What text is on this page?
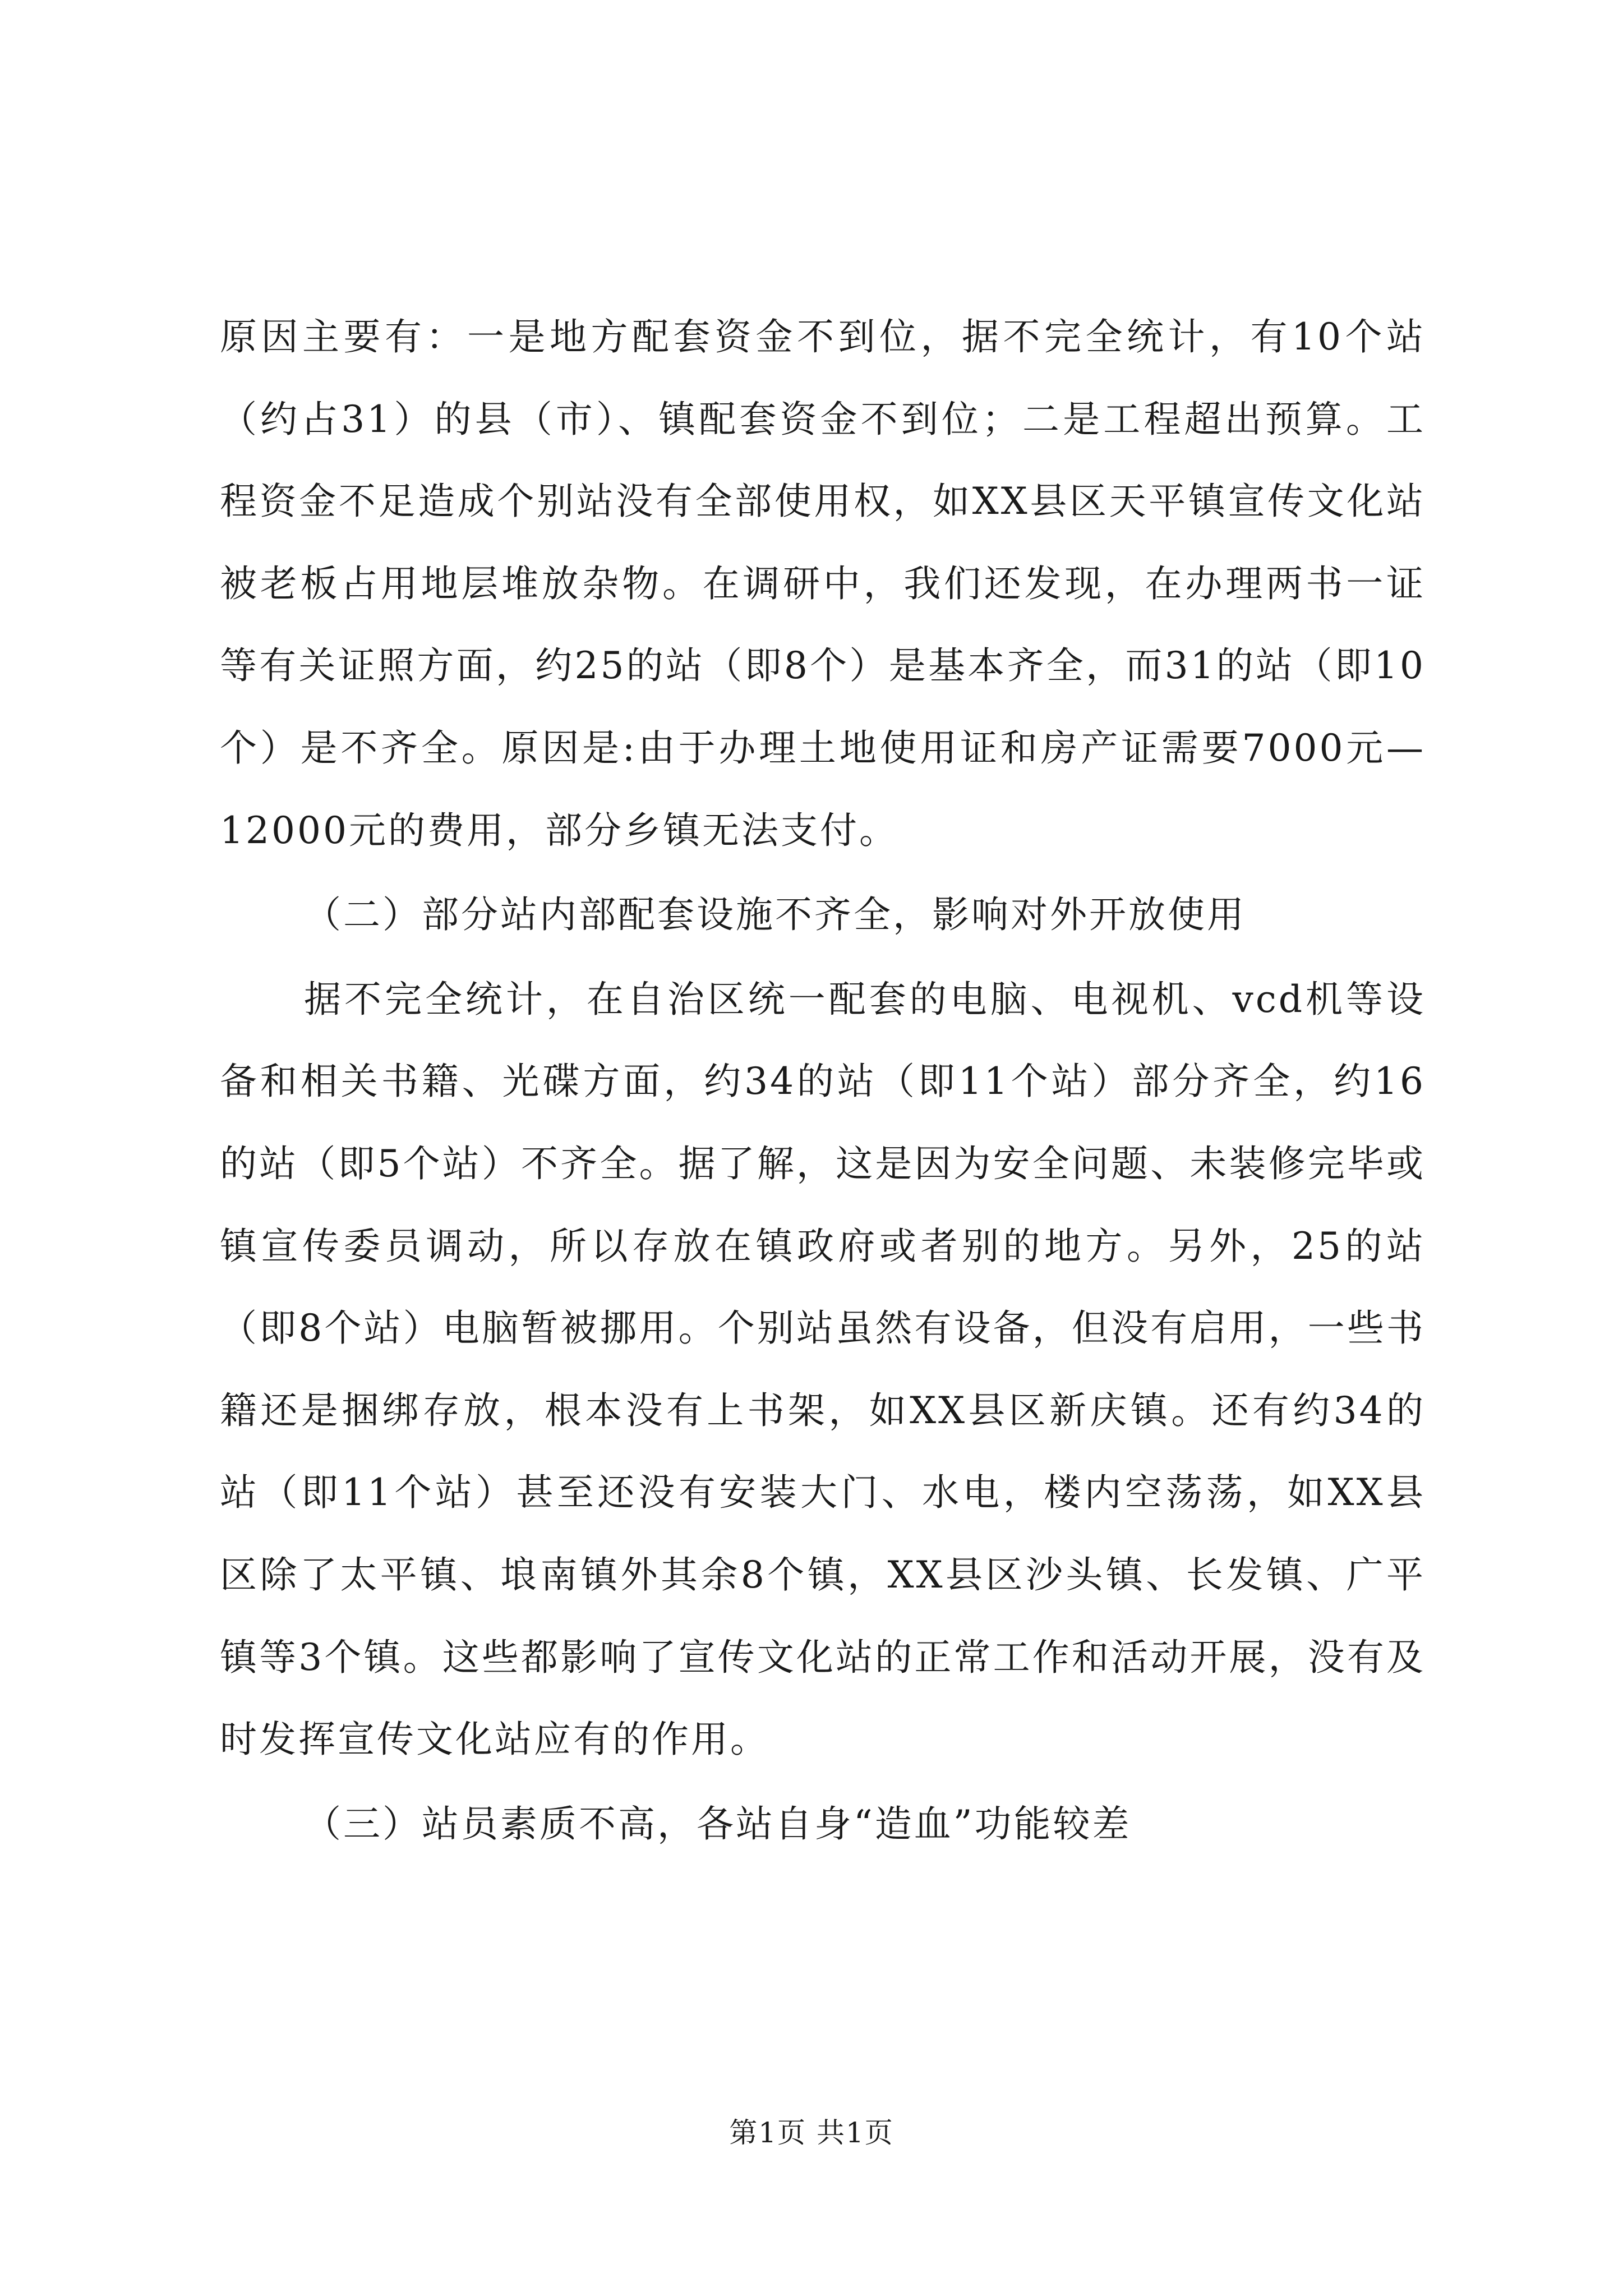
原因主要有：一是地方配套资金不到位，据不完全统计，有10个站（约占31）的县（市）、镇配套资金不到位；二是工程超出预算。工程资金不足造成个别站没有全部使用权，如XX县区天平镇宣传文化站被老板占用地层堆放杂物。在调研中，我们还发现，在办理两书一证等有关证照方面，约25的站（即8个）是基本齐全，而31的站（即10个）是不齐全。原因是:由于办理土地使用证和房产证需要7000元—12000元的费用，部分乡镇无法支付。

（二）部分站内部配套设施不齐全，影响对外开放使用

据不完全统计，在自治区统一配套的电脑、电视机、vcd机等设备和相关书籍、光碟方面，约34的站（即11个站）部分齐全，约16的站（即5个站）不齐全。据了解，这是因为安全问题、未装修完毕或镇宣传委员调动，所以存放在镇政府或者别的地方。另外，25的站（即8个站）电脑暂被挪用。个别站虽然有设备，但没有启用，一些书籍还是捆绑存放，根本没有上书架，如XX县区新庆镇。还有约34的站（即11个站）甚至还没有安装大门、水电，楼内空荡荡，如XX县区除了太平镇、埌南镇外其余8个镇，XX县区沙头镇、长发镇、广平镇等3个镇。这些都影响了宣传文化站的正常工作和活动开展，没有及时发挥宣传文化站应有的作用。

（三）站员素质不高，各站自身“造血”功能较差

第1页 共1页
